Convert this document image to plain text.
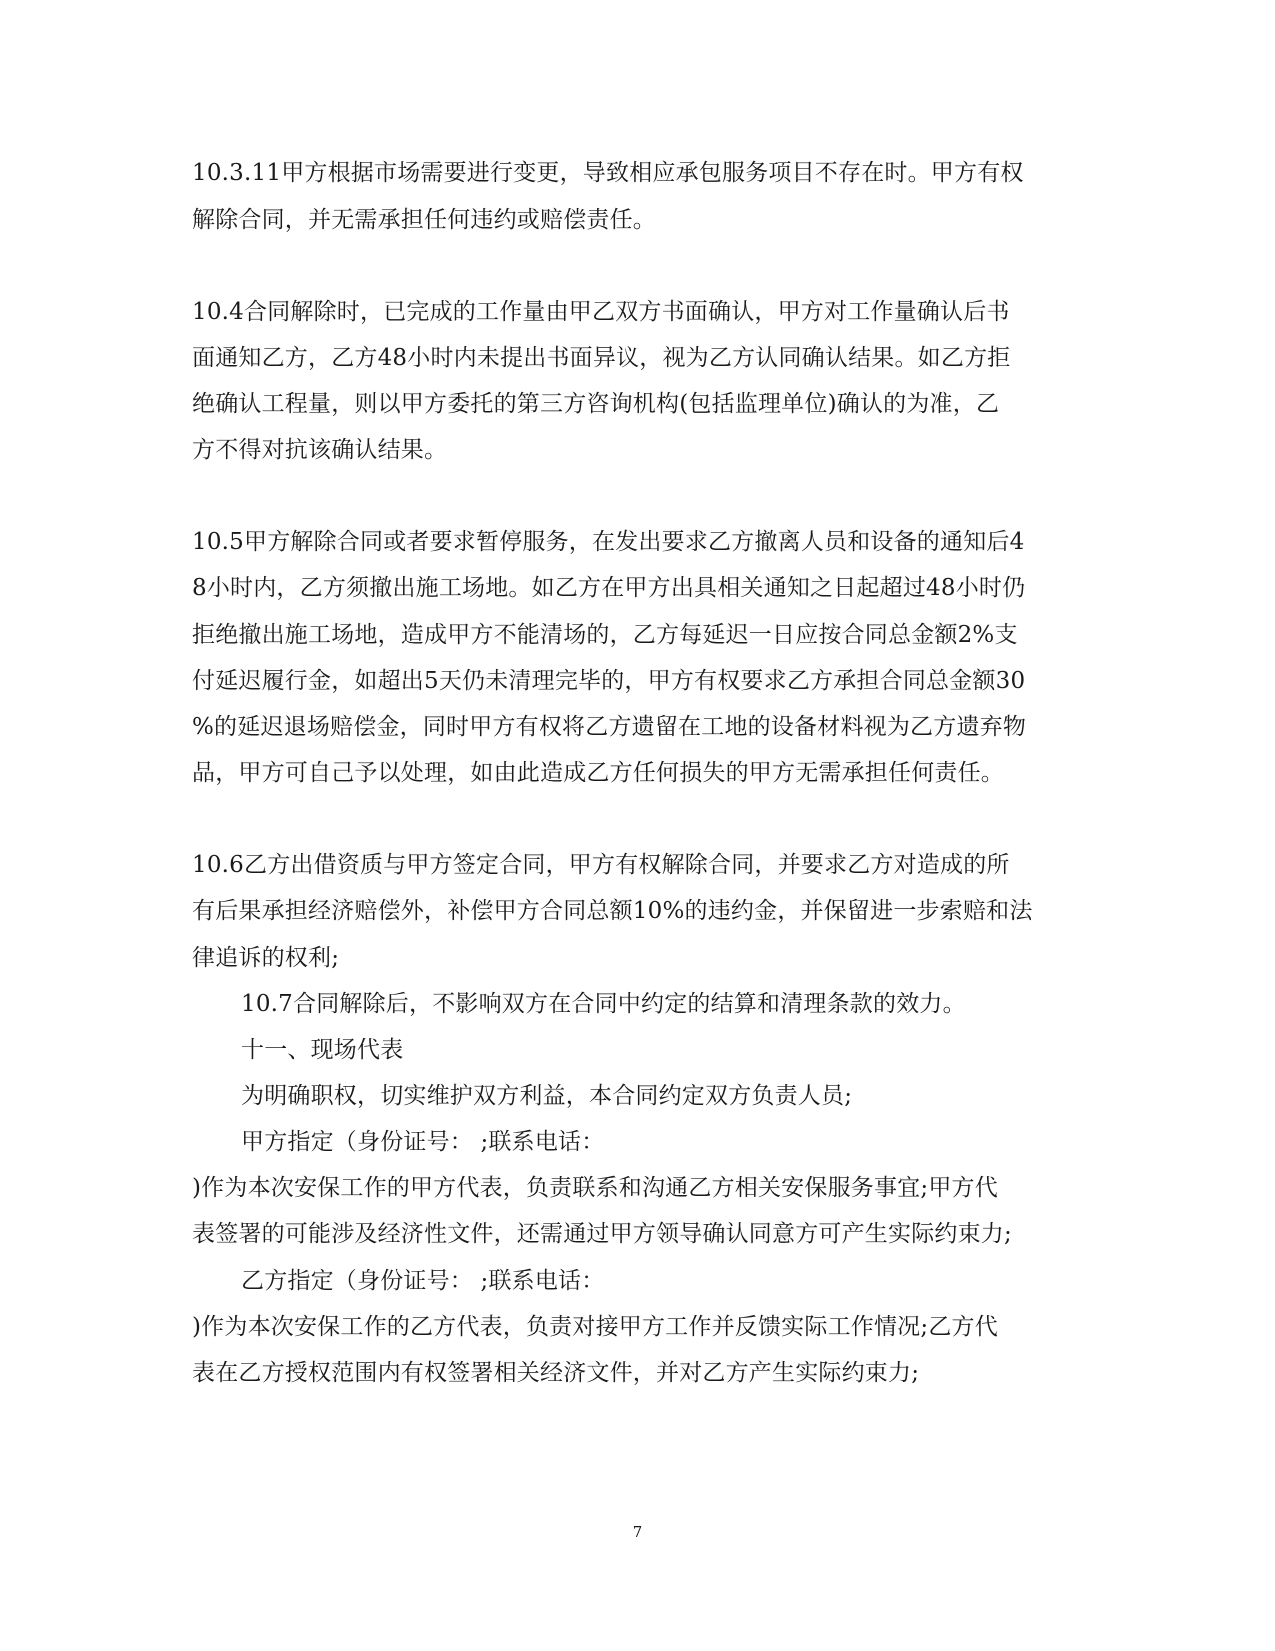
10.3.11甲方根据市场需要进行变更，导致相应承包服务项目不存在时。甲方有权
解除合同，并无需承担任何违约或赔偿责任。
10.4合同解除时，已完成的工作量由甲乙双方书面确认，甲方对工作量确认后书
面通知乙方，乙方48小时内未提出书面异议，视为乙方认同确认结果。如乙方拒
绝确认工程量，则以甲方委托的第三方咨询机构(包括监理单位)确认的为准，乙
方不得对抗该确认结果。
10.5甲方解除合同或者要求暂停服务，在发出要求乙方撤离人员和设备的通知后4
8小时内，乙方须撤出施工场地。如乙方在甲方出具相关通知之日起超过48小时仍
拒绝撤出施工场地，造成甲方不能清场的，乙方每延迟一日应按合同总金额2%支
付延迟履行金，如超出5天仍未清理完毕的，甲方有权要求乙方承担合同总金额30
%的延迟退场赔偿金，同时甲方有权将乙方遗留在工地的设备材料视为乙方遗弃物
品，甲方可自己予以处理，如由此造成乙方任何损失的甲方无需承担任何责任。
10.6乙方出借资质与甲方签定合同，甲方有权解除合同，并要求乙方对造成的所
有后果承担经济赔偿外，补偿甲方合同总额10%的违约金，并保留进一步索赔和法
律追诉的权利;
10.7合同解除后，不影响双方在合同中约定的结算和清理条款的效力。
十一、现场代表
为明确职权，切实维护双方利益，本合同约定双方负责人员;
甲方指定（身份证号： ;联系电话：
)作为本次安保工作的甲方代表，负责联系和沟通乙方相关安保服务事宜;甲方代
表签署的可能涉及经济性文件，还需通过甲方领导确认同意方可产生实际约束力;
乙方指定（身份证号： ;联系电话：
)作为本次安保工作的乙方代表，负责对接甲方工作并反馈实际工作情况;乙方代
表在乙方授权范围内有权签署相关经济文件，并对乙方产生实际约束力;
7
